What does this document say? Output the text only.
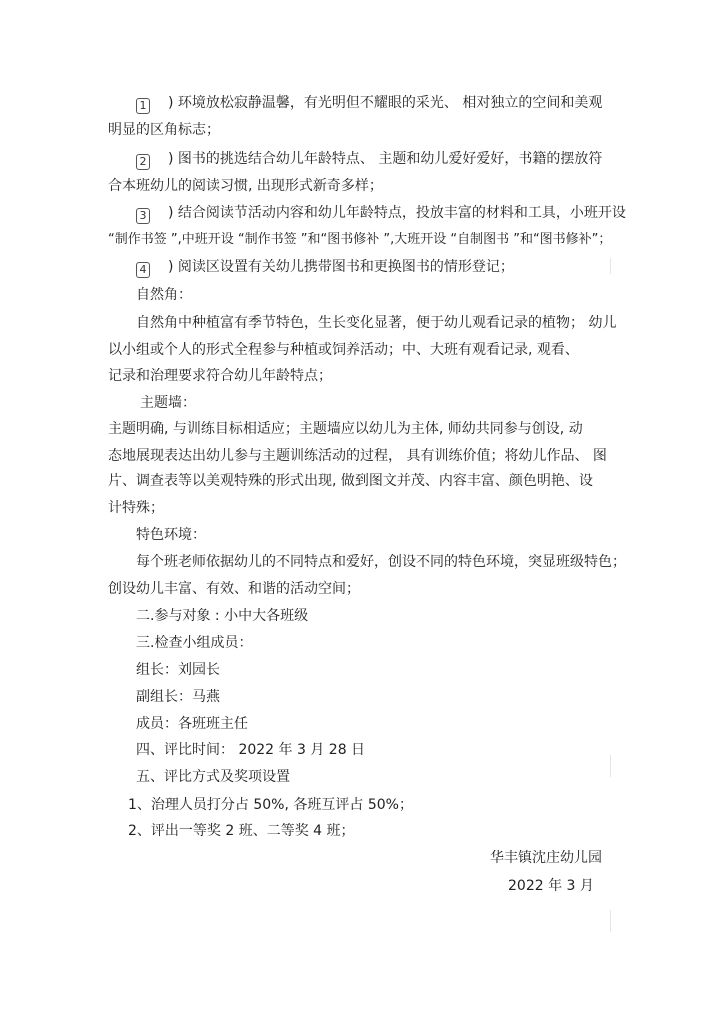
1 ) 环境放松寂静温馨，有光明但不耀眼的采光、 相对独立的空间和美观
明显的区角标志；
2 ) 图书的挑选结合幼儿年龄特点、 主题和幼儿爱好爱好，书籍的摆放符
合本班幼儿的阅读习惯, 出现形式新奇多样；
3 ) 结合阅读节活动内容和幼儿年龄特点，投放丰富的材料和工具，小班开设
“制作书签 ”,中班开设 “制作书签 ”和“图书修补 ”,大班开设 “自制图书 ”和“图书修补”；
4 ) 阅读区设置有关幼儿携带图书和更换图书的情形登记；
自然角：
自然角中种植富有季节特色，生长变化显著，便于幼儿观看记录的植物； 幼儿
以小组或个人的形式全程参与种植或饲养活动；中、大班有观看记录, 观看、
记录和治理要求符合幼儿年龄特点；
主题墙：
主题明确, 与训练目标相适应；主题墙应以幼儿为主体, 师幼共同参与创设, 动
态地展现表达出幼儿参与主题训练活动的过程， 具有训练价值；将幼儿作品、 图
片、调查表等以美观特殊的形式出现, 做到图文并茂、内容丰富、颜色明艳、设
计特殊；
特色环境：
每个班老师依据幼儿的不同特点和爱好，创设不同的特色环境，突显班级特色；
创设幼儿丰富、有效、和谐的活动空间；
二.参与对象 : 小中大各班级
三.检查小组成员：
组长：刘园长
副组长：马燕
成员：各班班主任
四、评比时间： 2022 年 3 月 28 日
五、评比方式及奖项设置
1、治理人员打分占 50%, 各班互评占 50%；
2、评出一等奖 2 班、二等奖 4 班；
华丰镇沈庄幼儿园
2022 年 3 月
